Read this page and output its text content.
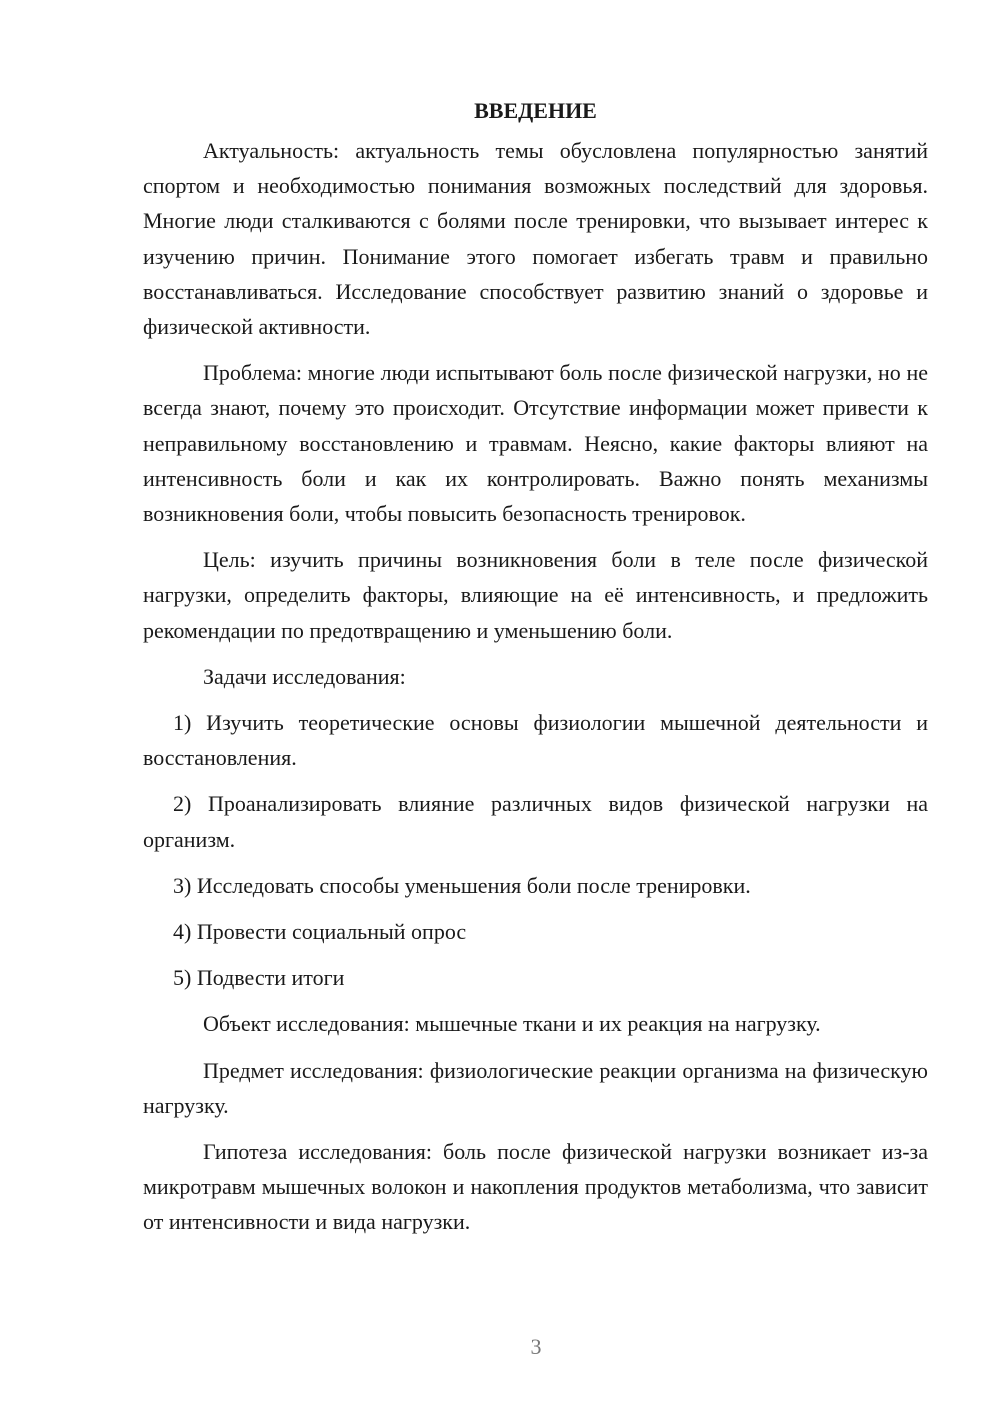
ВВЕДЕНИЕ

Актуальность: актуальность темы обусловлена популярностью занятий спортом и необходимостью понимания возможных последствий для здоровья. Многие люди сталкиваются с болями после тренировки, что вызывает интерес к изучению причин. Понимание этого помогает избегать травм и правильно восстанавливаться. Исследование способствует развитию знаний о здоровье и физической активности.

Проблема: многие люди испытывают боль после физической нагрузки, но не всегда знают, почему это происходит. Отсутствие информации может привести к неправильному восстановлению и травмам. Неясно, какие факторы влияют на интенсивность боли и как их контролировать. Важно понять механизмы возникновения боли, чтобы повысить безопасность тренировок.

Цель: изучить причины возникновения боли в теле после физической нагрузки, определить факторы, влияющие на её интенсивность, и предложить рекомендации по предотвращению и уменьшению боли.

Задачи исследования:

1) Изучить теоретические основы физиологии мышечной деятельности и восстановления.

2) Проанализировать влияние различных видов физической нагрузки на организм.

3) Исследовать способы уменьшения боли после тренировки.

4) Провести социальный опрос

5) Подвести итоги

Объект исследования: мышечные ткани и их реакция на нагрузку.

Предмет исследования: физиологические реакции организма на физическую нагрузку.

Гипотеза исследования: боль после физической нагрузки возникает из-за микротравм мышечных волокон и накопления продуктов метаболизма, что зависит от интенсивности и вида нагрузки.

3
